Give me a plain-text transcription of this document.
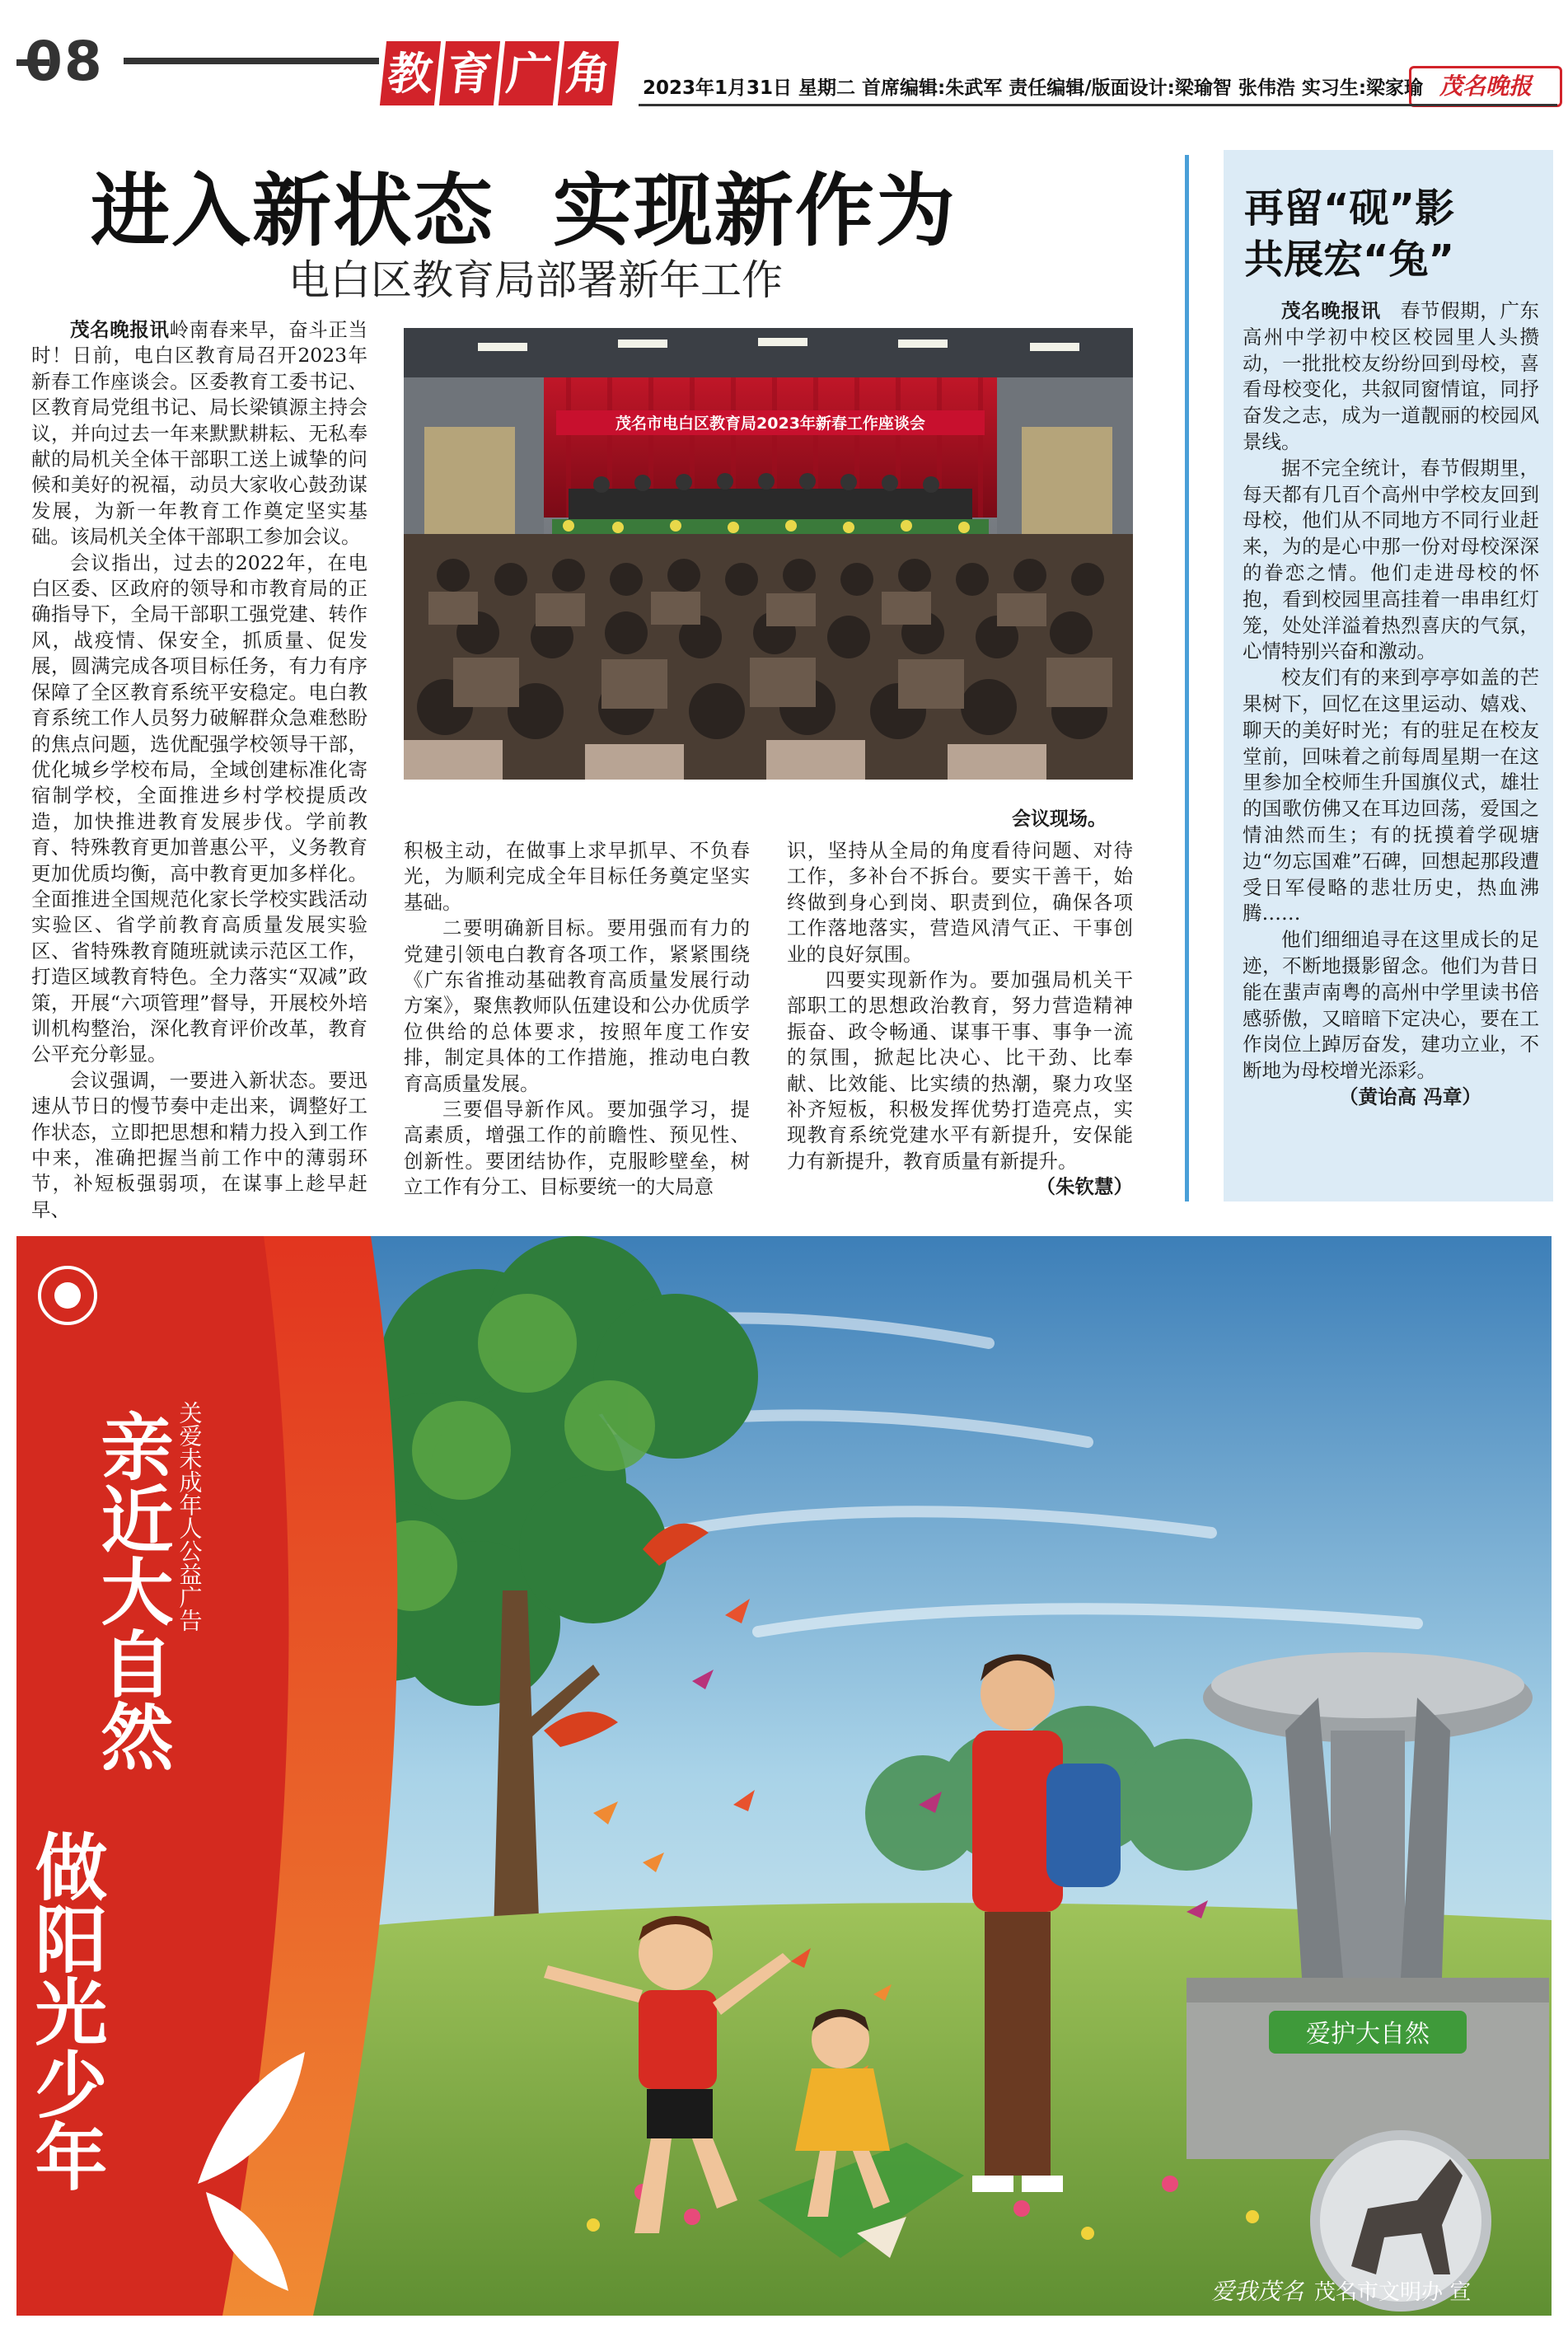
08	教 育 广 角 2023年1月31日 星期二 首席编辑:朱武军 责任编辑/版面设计:梁瑜智 张伟浩 实习生:梁家瑜 茂名晚报
进入新状态  实现新作为
电白区教育局部署新年工作

茂名晚报讯岭南春来早，奋斗正当时！日前，电白区教育局召开2023年新春工作座谈会。区委教育工委书记、区教育局党组书记、局长梁镇源主持会议，并向过去一年来默默耕耘、无私奉献的局机关全体干部职工送上诚挚的问候和美好的祝福，动员大家收心鼓劲谋发展，为新一年教育工作奠定坚实基础。该局机关全体干部职工参加会议。

会议指出，过去的2022年，在电白区委、区政府的领导和市教育局的正确指导下，全局干部职工强党建、转作风，战疫情、保安全，抓质量、促发展，圆满完成各项目标任务，有力有序保障了全区教育系统平安稳定。电白教育系统工作人员努力破解群众急难愁盼的焦点问题，选优配强学校领导干部，优化城乡学校布局，全域创建标准化寄宿制学校，全面推进乡村学校提质改造，加快推进教育发展步伐。学前教育、特殊教育更加普惠公平，义务教育更加优质均衡，高中教育更加多样化。全面推进全国规范化家长学校实践活动实验区、省学前教育高质量发展实验区、省特殊教育随班就读示范区工作，打造区域教育特色。全力落实“双减”政策，开展“六项管理”督导，开展校外培训机构整治，深化教育评价改革，教育公平充分彰显。

会议强调，一要进入新状态。要迅速从节日的慢节奏中走出来，调整好工作状态，立即把思想和精力投入到工作中来，准确把握当前工作中的薄弱环节，补短板强弱项，在谋事上趁早赶早、

茂名市电白区教育局2023年新春工作座谈会
会议现场。

积极主动，在做事上求早抓早、不负春光，为顺利完成全年目标任务奠定坚实基础。

二要明确新目标。要用强而有力的党建引领电白教育各项工作，紧紧围绕《广东省推动基础教育高质量发展行动方案》，聚焦教师队伍建设和公办优质学位供给的总体要求，按照年度工作安排，制定具体的工作措施，推动电白教育高质量发展。

三要倡导新作风。要加强学习，提高素质，增强工作的前瞻性、预见性、创新性。要团结协作，克服畛壁垒，树立工作有分工、目标要统一的大局意

识，坚持从全局的角度看待问题、对待工作，多补台不拆台。要实干善干，始终做到身心到岗、职责到位，确保各项工作落地落实，营造风清气正、干事创业的良好氛围。

四要实现新作为。要加强局机关干部职工的思想政治教育，努力营造精神振奋、政令畅通、谋事干事、事争一流的氛围，掀起比决心、比干劲、比奉献、比效能、比实绩的热潮，聚力攻坚补齐短板，积极发挥优势打造亮点，实现教育系统党建水平有新提升，安保能力有新提升，教育质量有新提升。

（朱钦慧）

再留“砚”影
共展宏“兔”

茂名晚报讯  春节假期，广东高州中学初中校区校园里人头攒动，一批批校友纷纷回到母校，喜看母校变化，共叙同窗情谊，同抒奋发之志，成为一道靓丽的校园风景线。

据不完全统计，春节假期里，每天都有几百个高州中学校友回到母校，他们从不同地方不同行业赶来，为的是心中那一份对母校深深的眷恋之情。他们走进母校的怀抱，看到校园里高挂着一串串红灯笼，处处洋溢着热烈喜庆的气氛，心情特别兴奋和激动。

校友们有的来到亭亭如盖的芒果树下，回忆在这里运动、嬉戏、聊天的美好时光；有的驻足在校友堂前，回味着之前每周星期一在这里参加全校师生升国旗仪式，雄壮的国歌仿佛又在耳边回荡，爱国之情油然而生；有的抚摸着学砚塘边“勿忘国难”石碑，回想起那段遭受日军侵略的悲壮历史，热血沸腾……

他们细细追寻在这里成长的足迹，不断地摄影留念。他们为昔日能在蜚声南粤的高州中学里读书倍感骄傲，又暗暗下定决心，要在工作岗位上踔厉奋发，建功立业，不断地为母校增光添彩。

（黄诒高 冯章）

爱护大自然
关爱未成年人公益广告
亲近大自然
做阳光少年
爱我茂名 茂名市文明办 宣
